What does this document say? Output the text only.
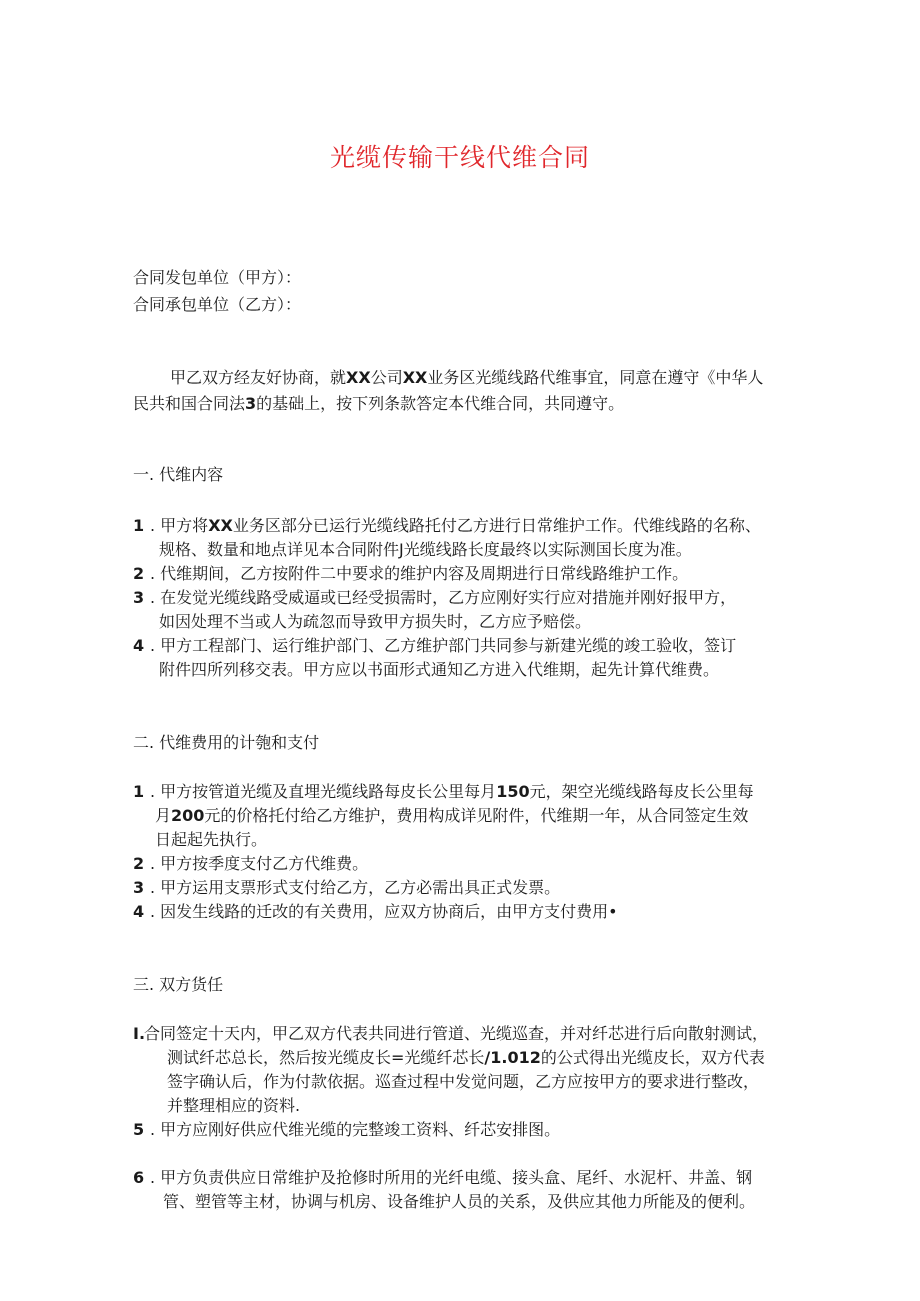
光缆传输干线代维合同
合同发包单位（甲方）：
合同承包单位（乙方）：
甲乙双方经友好协商，就XX公司XX业务区光缆线路代维事宜，同意在遵守《中华人
民共和国合同法3的基础上，按下列条款答定本代维合同，共同遵守。
一. 代维内容
1 . 甲方将XX业务区部分已运行光缆线路托付乙方进行日常维护工作。代维线路的名称、
规格、数量和地点详见本合同附件J光缆线路长度最终以实际测国长度为准。
2 . 代维期间，乙方按附件二中要求的维护内容及周期进行日常线路维护工作。
3 . 在发觉光缆线路受威逼或已经受损需时，乙方应刚好实行应对措施并刚好报甲方，
如因处理不当或人为疏忽而导致甲方损失时，乙方应予赔偿。
4 . 甲方工程部门、运行维护部门、乙方维护部门共同参与新建光缆的竣工验收，签订
附件四所列移交表。甲方应以书面形式通知乙方进入代维期，起先计算代维费。
二. 代维费用的计匏和支付
1 . 甲方按管道光缆及直埋光缆线路每皮长公里每月150元，架空光缆线路每皮长公里每
月200元的价格托付给乙方维护，费用构成详见附件，代维期一年，从合同签定生效
日起起先执行。
2 . 甲方按季度支付乙方代维费。
3 . 甲方运用支票形式支付给乙方，乙方必需出具正式发票。
4 . 因发生线路的迁改的有关费用，应双方协商后，由甲方支付费用•
三. 双方货任
I.
合同签定十天内，甲乙双方代表共同进行管道、光缆巡查，并对纤芯进行后向散射测试，
测试纤芯总长，然后按光缆皮长=光缆纤芯长/1.012的公式得出光缆皮长，双方代表
签字确认后，作为付款依据。巡查过程中发觉问题，乙方应按甲方的要求进行整改，
并整理相应的资料.
5 . 甲方应刚好供应代维光缆的完整竣工资料、纤芯安排图。
6 . 甲方负责供应日常维护及抢修时所用的光纤电缆、接头盒、尾纤、水泥杆、井盖、钢
管、塑管等主材，协调与机房、设备维护人员的关系，及供应其他力所能及的便利。
